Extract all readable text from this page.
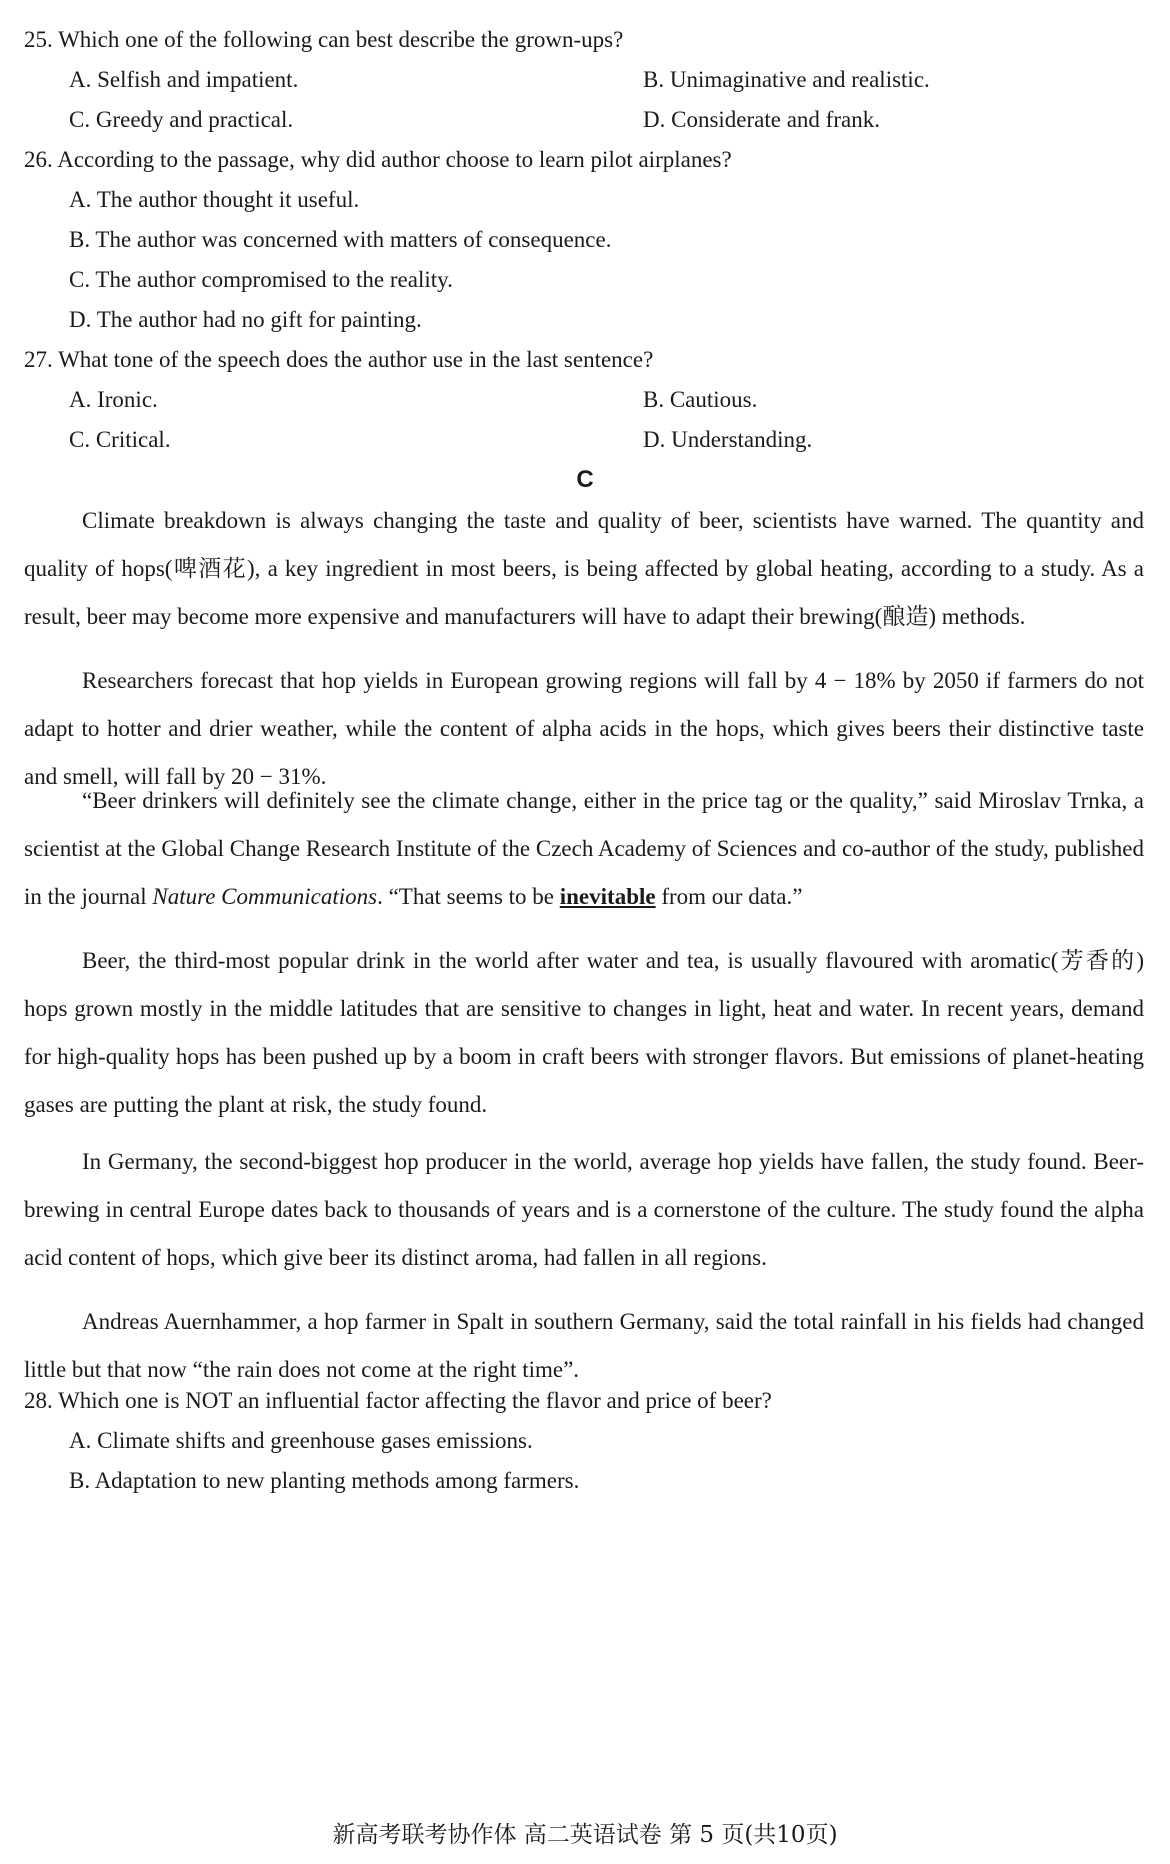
25. Which one of the following can best describe the grown-ups?
A. Selfish and impatient.	B. Unimaginative and realistic.
C. Greedy and practical.	D. Considerate and frank.
26. According to the passage, why did author choose to learn pilot airplanes?
A. The author thought it useful.
B. The author was concerned with matters of consequence.
C. The author compromised to the reality.
D. The author had no gift for painting.
27. What tone of the speech does the author use in the last sentence?
A. Ironic.	B. Cautious.
C. Critical.	D. Understanding.
C

Climate breakdown is always changing the taste and quality of beer, scientists have warned. The quantity and quality of hops(啤酒花), a key ingredient in most beers, is being affected by global heating, according to a study. As a result, beer may become more expensive and manufacturers will have to adapt their brewing(酿造) methods.

Researchers forecast that hop yields in European growing regions will fall by 4 − 18% by 2050 if farmers do not adapt to hotter and drier weather, while the content of alpha acids in the hops, which gives beers their distinctive taste and smell, will fall by 20 − 31%.

“Beer drinkers will definitely see the climate change, either in the price tag or the quality,” said Miroslav Trnka, a scientist at the Global Change Research Institute of the Czech Academy of Sciences and co-author of the study, published in the journal Nature Communications. “That seems to be inevitable from our data.”

Beer, the third-most popular drink in the world after water and tea, is usually flavoured with aromatic(芳香的) hops grown mostly in the middle latitudes that are sensitive to changes in light, heat and water. In recent years, demand for high-quality hops has been pushed up by a boom in craft beers with stronger flavors. But emissions of planet-heating gases are putting the plant at risk, the study found.

In Germany, the second-biggest hop producer in the world, average hop yields have fallen, the study found. Beer-brewing in central Europe dates back to thousands of years and is a cornerstone of the culture. The study found the alpha acid content of hops, which give beer its distinct aroma, had fallen in all regions.

Andreas Auernhammer, a hop farmer in Spalt in southern Germany, said the total rainfall in his fields had changed little but that now “the rain does not come at the right time”.

28. Which one is NOT an influential factor affecting the flavor and price of beer?
A. Climate shifts and greenhouse gases emissions.
B. Adaptation to new planting methods among farmers.
新高考联考协作体 高二英语试卷 第 5 页(共10页)
